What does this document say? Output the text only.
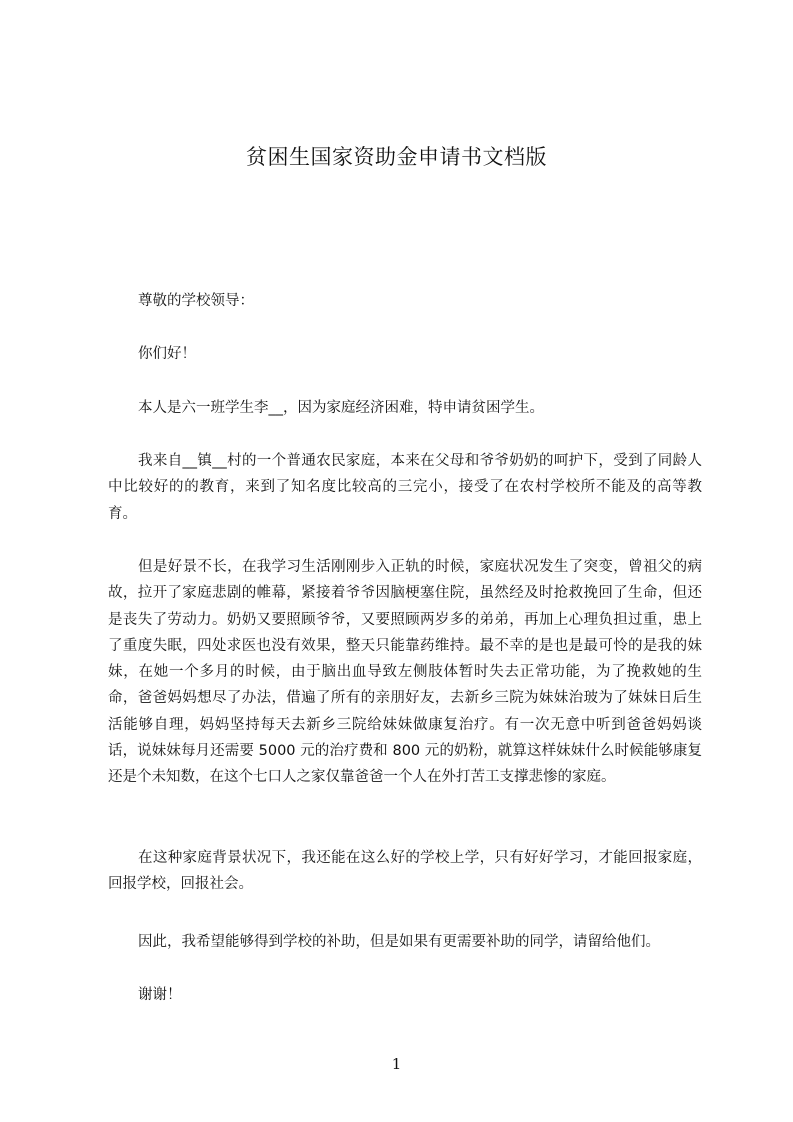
贫困生国家资助金申请书文档版
尊敬的学校领导：
你们好！
本人是六一班学生李__，因为家庭经济困难，特申请贫困学生。
我来自__镇__村的一个普通农民家庭，本来在父母和爷爷奶奶的呵护下，受到了同龄人中比较好的的教育，来到了知名度比较高的三完小，接受了在农村学校所不能及的高等教育。
但是好景不长，在我学习生活刚刚步入正轨的时候，家庭状况发生了突变，曾祖父的病故，拉开了家庭悲剧的帷幕，紧接着爷爷因脑梗塞住院，虽然经及时抢救挽回了生命，但还是丧失了劳动力。奶奶又要照顾爷爷，又要照顾两岁多的弟弟，再加上心理负担过重，患上了重度失眠，四处求医也没有效果，整天只能靠药维持。最不幸的是也是最可怜的是我的妹妹，在她一个多月的时候，由于脑出血导致左侧肢体暂时失去正常功能，为了挽救她的生命，爸爸妈妈想尽了办法，借遍了所有的亲朋好友，去新乡三院为妹妹治玻为了妹妹日后生活能够自理，妈妈坚持每天去新乡三院给妹妹做康复治疗。有一次无意中听到爸爸妈妈谈话，说妹妹每月还需要 5000 元的治疗费和 800 元的奶粉，就算这样妹妹什么时候能够康复还是个未知数，在这个七口人之家仅靠爸爸一个人在外打苦工支撑悲惨的家庭。
在这种家庭背景状况下，我还能在这么好的学校上学，只有好好学习，才能回报家庭，回报学校，回报社会。
因此，我希望能够得到学校的补助，但是如果有更需要补助的同学，请留给他们。
谢谢！
1
